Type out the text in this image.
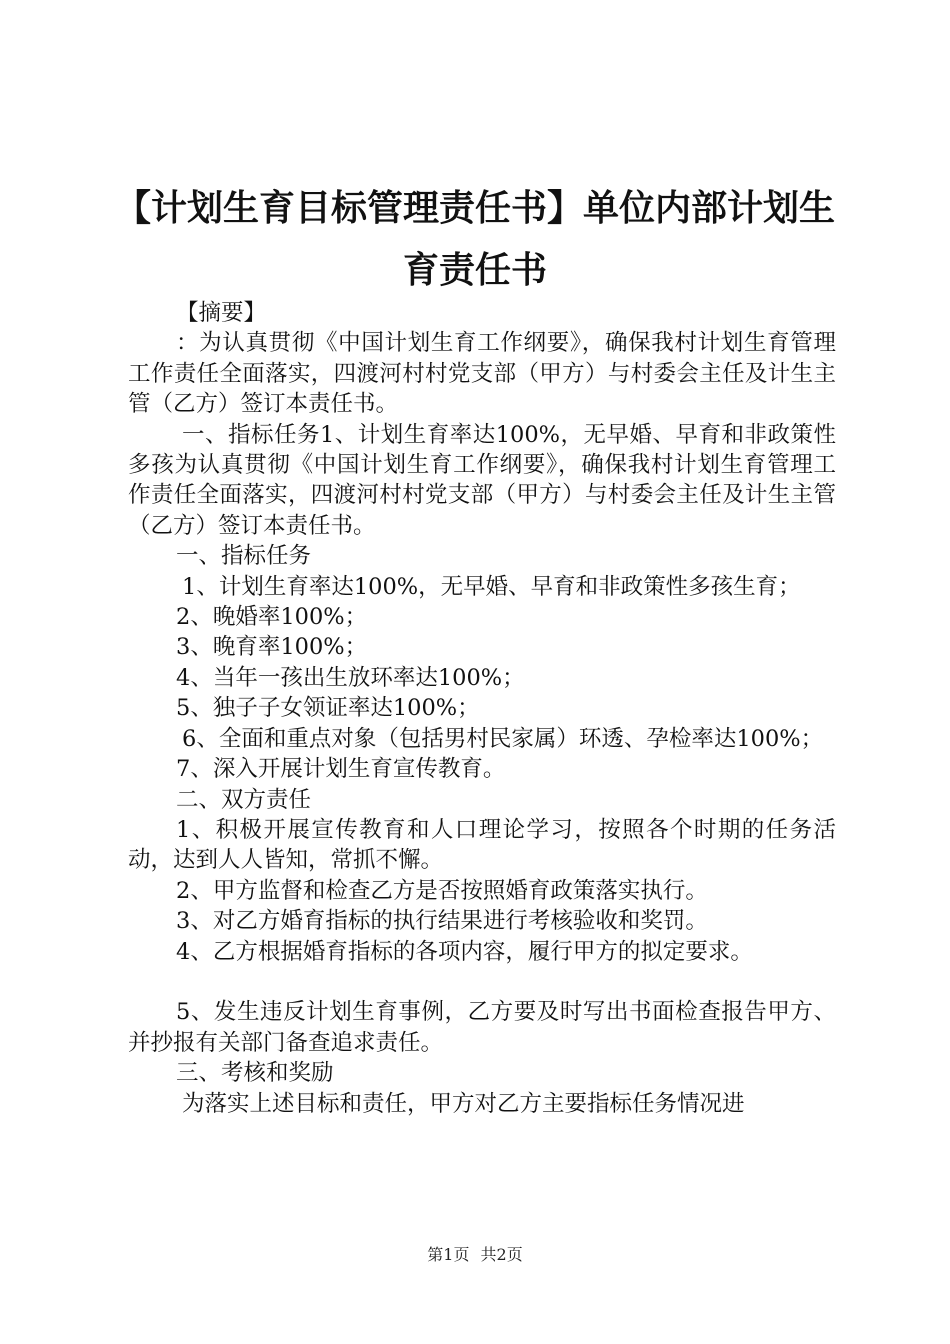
【计划生育目标管理责任书】单位内部计划生育责任书

【摘要】

：为认真贯彻《中国计划生育工作纲要》，确保我村计划生育管理工作责任全面落实，四渡河村村党支部（甲方）与村委会主任及计生主管（乙方）签订本责任书。

一、指标任务1、计划生育率达100%，无早婚、早育和非政策性多孩为认真贯彻《中国计划生育工作纲要》，确保我村计划生育管理工作责任全面落实，四渡河村村党支部（甲方）与村委会主任及计生主管（乙方）签订本责任书。

一、指标任务

1、计划生育率达100%，无早婚、早育和非政策性多孩生育；

2、晚婚率100%；

3、晚育率100%；

4、当年一孩出生放环率达100%；

5、独子子女领证率达100%；

6、全面和重点对象（包括男村民家属）环透、孕检率达100%；

7、深入开展计划生育宣传教育。

二、双方责任

1、积极开展宣传教育和人口理论学习，按照各个时期的任务活动，达到人人皆知，常抓不懈。

2、甲方监督和检查乙方是否按照婚育政策落实执行。

3、对乙方婚育指标的执行结果进行考核验收和奖罚。

4、乙方根据婚育指标的各项内容，履行甲方的拟定要求。

5、发生违反计划生育事例，乙方要及时写出书面检查报告甲方、并抄报有关部门备查追求责任。

三、考核和奖励

为落实上述目标和责任，甲方对乙方主要指标任务情况进

第1页 共2页
